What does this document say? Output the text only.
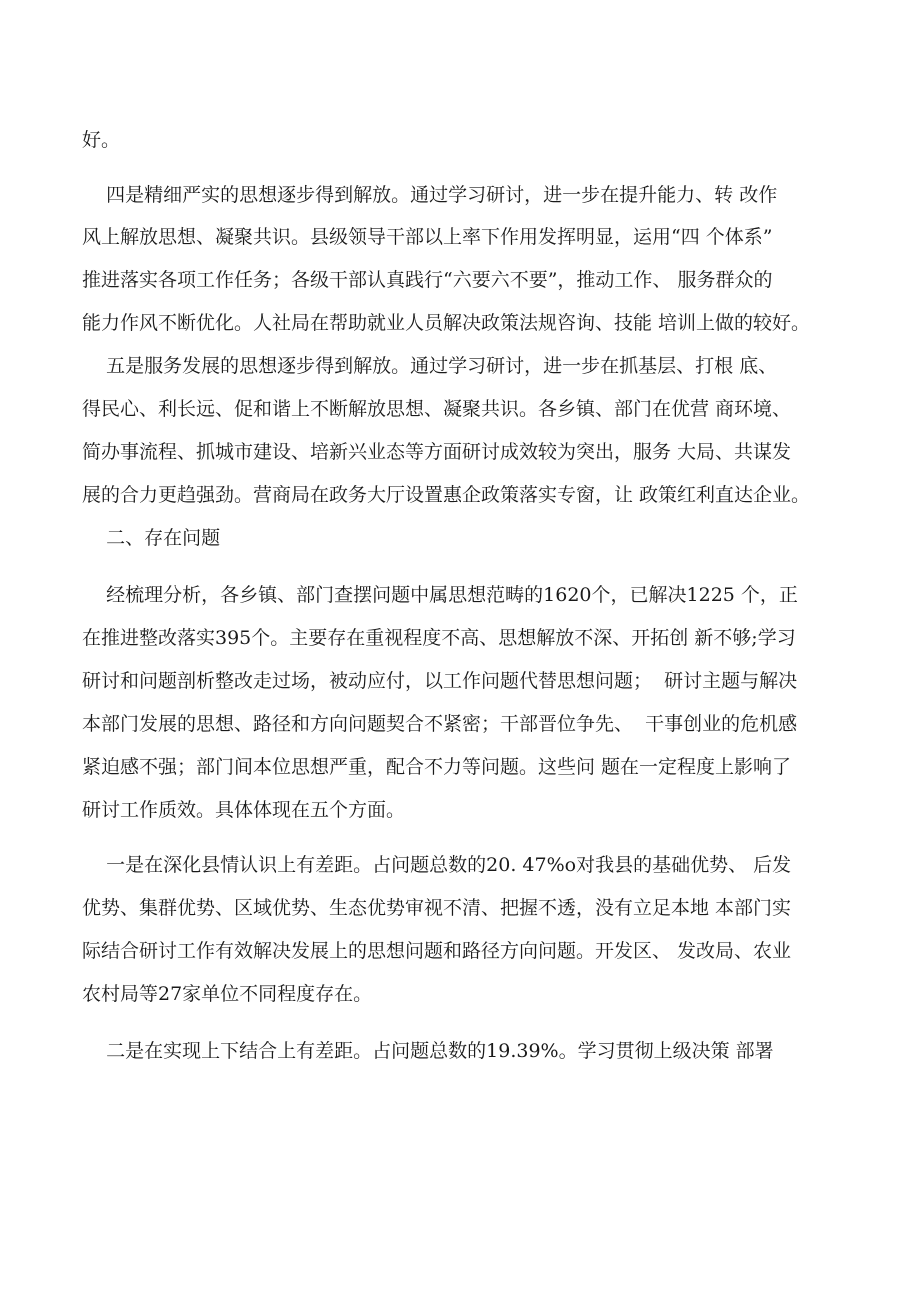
好。
四是精细严实的思想逐步得到解放。通过学习研讨，进一步在提升能力、转 改作
风上解放思想、凝聚共识。县级领导干部以上率下作用发挥明显，运用“四 个体系”
推进落实各项工作任务；各级干部认真践行“六要六不要”，推动工作、 服务群众的
能力作风不断优化。人社局在帮助就业人员解决政策法规咨询、技能 培训上做的较好。
五是服务发展的思想逐步得到解放。通过学习研讨，进一步在抓基层、打根 底、
得民心、利长远、促和谐上不断解放思想、凝聚共识。各乡镇、部门在优营 商环境、
简办事流程、抓城市建设、培新兴业态等方面研讨成效较为突出，服务 大局、共谋发
展的合力更趋强劲。营商局在政务大厅设置惠企政策落实专窗，让 政策红利直达企业。
二、存在问题
经梳理分析，各乡镇、部门查摆问题中属思想范畴的1620个，已解决1225 个，正
在推进整改落实395个。主要存在重视程度不高、思想解放不深、开拓创 新不够;学习
研讨和问题剖析整改走过场，被动应付，以工作问题代替思想问题；  研讨主题与解决
本部门发展的思想、路径和方向问题契合不紧密；干部晋位争先、  干事创业的危机感
紧迫感不强；部门间本位思想严重，配合不力等问题。这些问 题在一定程度上影响了
研讨工作质效。具体体现在五个方面。
一是在深化县情认识上有差距。占问题总数的20. 47%o对我县的基础优势、 后发
优势、集群优势、区域优势、生态优势审视不清、把握不透，没有立足本地 本部门实
际结合研讨工作有效解决发展上的思想问题和路径方向问题。开发区、 发改局、农业
农村局等27家单位不同程度存在。
二是在实现上下结合上有差距。占问题总数的19.39%。学习贯彻上级决策 部署
